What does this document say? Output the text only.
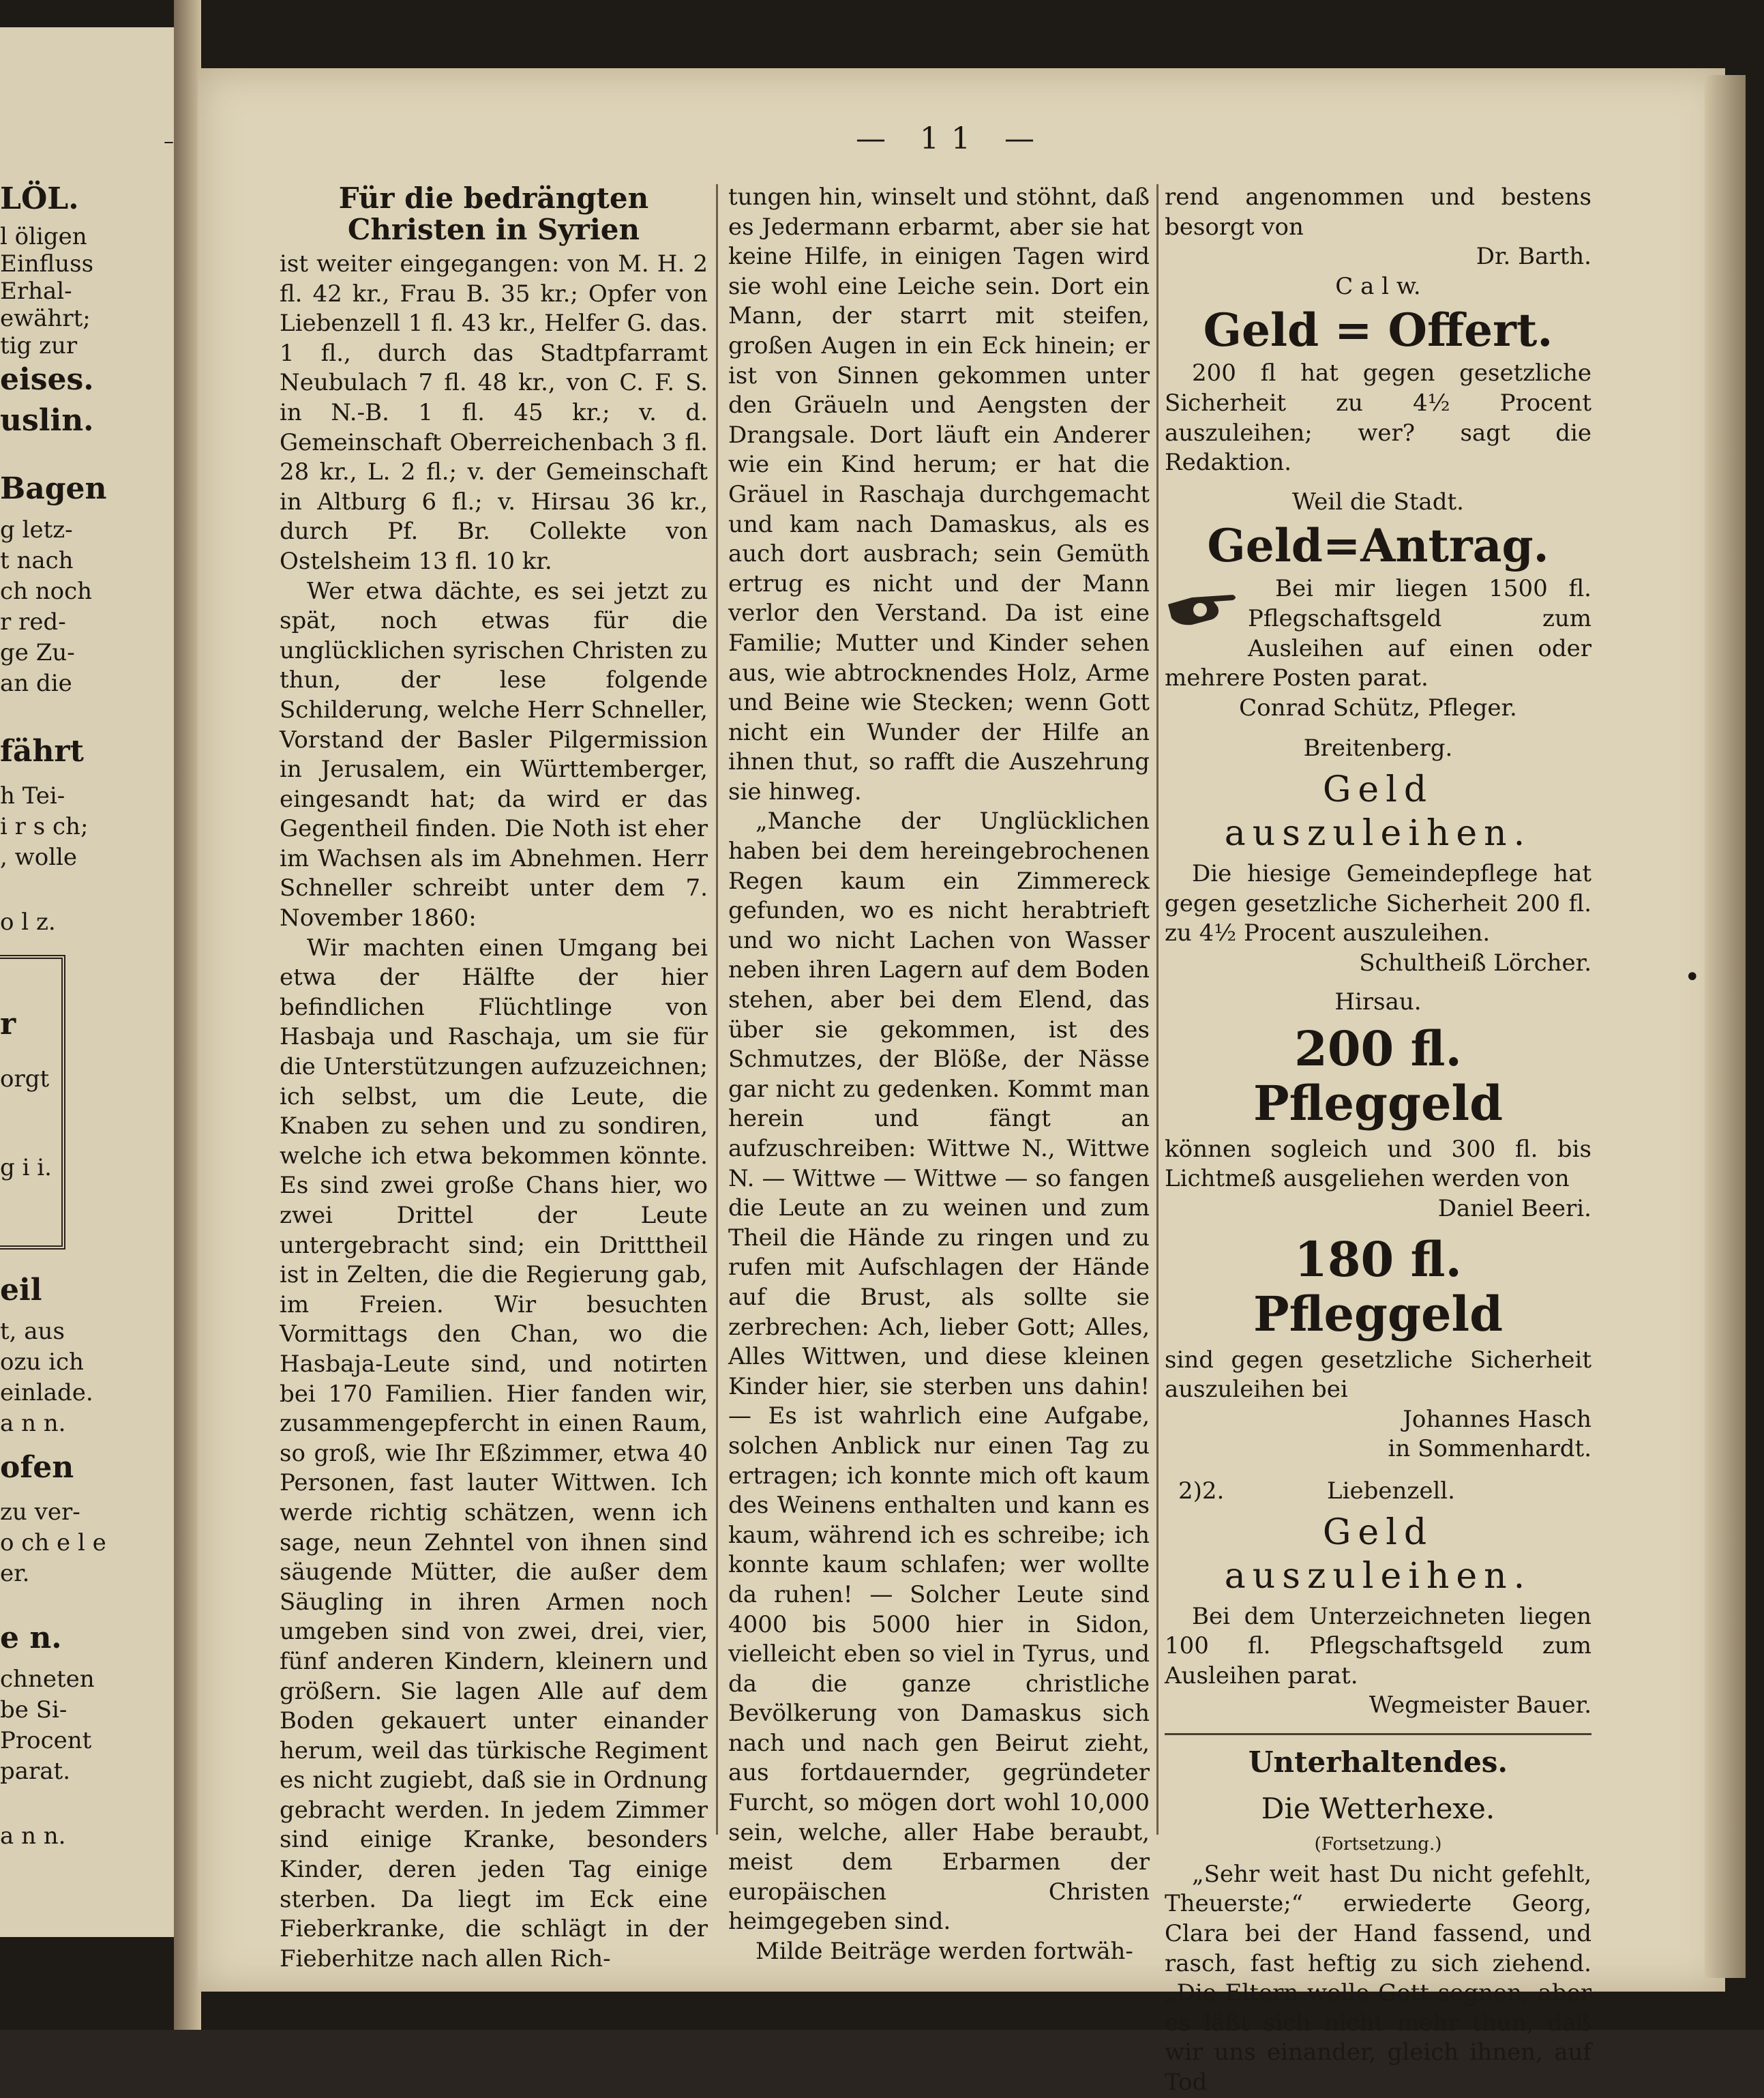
LÖL.
l öligen
Einfluss
Erhal-
ewährt;
tig zur
eises.
uslin.
Bagen
g letz-
t nach
ch noch
r red-
ge Zu-
an die
fährt
h Tei-
i r s ch;
, wolle
o l z.
r
orgt
g i i.
eil
t, aus
ozu ich
einlade.
a n n.
ofen
zu ver-
o ch e l e
er.
e n.
chneten
be Si-
Procent
parat.
a n n.
— 11 —
Für die bedrängten Christen in Syrien

ist weiter eingegangen: von M. H. 2 fl. 42 kr., Frau B. 35 kr.; Opfer von Liebenzell 1 fl. 43 kr., Helfer G. das. 1 fl., durch das Stadtpfarramt Neubulach 7 fl. 48 kr., von C. F. S. in N.-B. 1 fl. 45 kr.; v. d. Gemeinschaft Oberreichenbach 3 fl. 28 kr., L. 2 fl.; v. der Gemeinschaft in Altburg 6 fl.; v. Hirsau 36 kr., durch Pf. Br. Collekte von Ostelsheim 13 fl. 10 kr.

Wer etwa dächte, es sei jetzt zu spät, noch etwas für die unglücklichen syrischen Christen zu thun, der lese folgende Schilderung, welche Herr Schneller, Vorstand der Basler Pilgermission in Jerusalem, ein Württemberger, eingesandt hat; da wird er das Gegentheil finden. Die Noth ist eher im Wachsen als im Abnehmen. Herr Schneller schreibt unter dem 7. November 1860:

Wir machten einen Umgang bei etwa der Hälfte der hier befindlichen Flüchtlinge von Hasbaja und Raschaja, um sie für die Unterstützungen aufzuzeichnen; ich selbst, um die Leute, die Knaben zu sehen und zu sondiren, welche ich etwa bekommen könnte. Es sind zwei große Chans hier, wo zwei Drittel der Leute untergebracht sind; ein Dritttheil ist in Zelten, die die Regierung gab, im Freien. Wir besuchten Vormittags den Chan, wo die Hasbaja-Leute sind, und notirten bei 170 Familien. Hier fanden wir, zusammengepfercht in einen Raum, so groß, wie Ihr Eßzimmer, etwa 40 Personen, fast lauter Wittwen. Ich werde richtig schätzen, wenn ich sage, neun Zehntel von ihnen sind säugende Mütter, die außer dem Säugling in ihren Armen noch umgeben sind von zwei, drei, vier, fünf anderen Kindern, kleinern und größern. Sie lagen Alle auf dem Boden gekauert unter einander herum, weil das türkische Regiment es nicht zugiebt, daß sie in Ordnung gebracht werden. In jedem Zimmer sind einige Kranke, besonders Kinder, deren jeden Tag einige sterben. Da liegt im Eck eine Fieberkranke, die schlägt in der Fieberhitze nach allen Rich-

tungen hin, winselt und stöhnt, daß es Jedermann erbarmt, aber sie hat keine Hilfe, in einigen Tagen wird sie wohl eine Leiche sein. Dort ein Mann, der starrt mit steifen, großen Augen in ein Eck hinein; er ist von Sinnen gekommen unter den Gräueln und Aengsten der Drangsale. Dort läuft ein Anderer wie ein Kind herum; er hat die Gräuel in Raschaja durchgemacht und kam nach Damaskus, als es auch dort ausbrach; sein Gemüth ertrug es nicht und der Mann verlor den Verstand. Da ist eine Familie; Mutter und Kinder sehen aus, wie abtrocknendes Holz, Arme und Beine wie Stecken; wenn Gott nicht ein Wunder der Hilfe an ihnen thut, so rafft die Auszehrung sie hinweg.

„Manche der Unglücklichen haben bei dem hereingebrochenen Regen kaum ein Zimmereck gefunden, wo es nicht herabtrieft und wo nicht Lachen von Wasser neben ihren Lagern auf dem Boden stehen, aber bei dem Elend, das über sie gekommen, ist des Schmutzes, der Blöße, der Nässe gar nicht zu gedenken. Kommt man herein und fängt an aufzuschreiben: Wittwe N., Wittwe N. — Wittwe — Wittwe — so fangen die Leute an zu weinen und zum Theil die Hände zu ringen und zu rufen mit Aufschlagen der Hände auf die Brust, als sollte sie zerbrechen: Ach, lieber Gott; Alles, Alles Wittwen, und diese kleinen Kinder hier, sie sterben uns dahin! — Es ist wahrlich eine Aufgabe, solchen Anblick nur einen Tag zu ertragen; ich konnte mich oft kaum des Weinens enthalten und kann es kaum, während ich es schreibe; ich konnte kaum schlafen; wer wollte da ruhen! — Solcher Leute sind 4000 bis 5000 hier in Sidon, vielleicht eben so viel in Tyrus, und da die ganze christliche Bevölkerung von Damaskus sich nach und nach gen Beirut zieht, aus fortdauernder, gegründeter Furcht, so mögen dort wohl 10,000 sein, welche, aller Habe beraubt, meist dem Erbarmen der europäischen Christen heimgegeben sind.

Milde Beiträge werden fortwäh-

rend angenommen und bestens besorgt von

Dr. Barth.
C a l w.
Geld = Offert.

200 fl hat gegen gesetzliche Sicherheit zu 4½ Procent auszuleihen; wer? sagt die Redaktion.

Weil die Stadt.
Geld=Antrag.

Bei mir liegen 1500 fl. Pflegschaftsgeld zum Ausleihen auf einen oder mehrere Posten parat.

Conrad Schütz, Pfleger.
Breitenberg.
Geld auszuleihen.

Die hiesige Gemeindepflege hat gegen gesetzliche Sicherheit 200 fl. zu 4½ Procent auszuleihen.

Schultheiß Lörcher.
Hirsau.
200 fl. Pfleggeld

können sogleich und 300 fl. bis Lichtmeß ausgeliehen werden von

Daniel Beeri.
180 fl. Pfleggeld

sind gegen gesetzliche Sicherheit auszuleihen bei

Johannes Hasch
in Sommenhardt.
2)2.	Liebenzell.
Geld auszuleihen.

Bei dem Unterzeichneten liegen 100 fl. Pflegschaftsgeld zum Ausleihen parat.

Wegmeister Bauer.
Unterhaltendes.
Die Wetterhexe.
(Fortsetzung.)

„Sehr weit hast Du nicht gefehlt, Theuerste;“ erwiederte Georg, Clara bei der Hand fassend, und rasch, fast heftig zu sich ziehend. „Die Eltern wolle Gott segnen, aber es läßt sich nicht mehr thun, daß wir uns einander, gleich ihnen, auf Tod

–
•
